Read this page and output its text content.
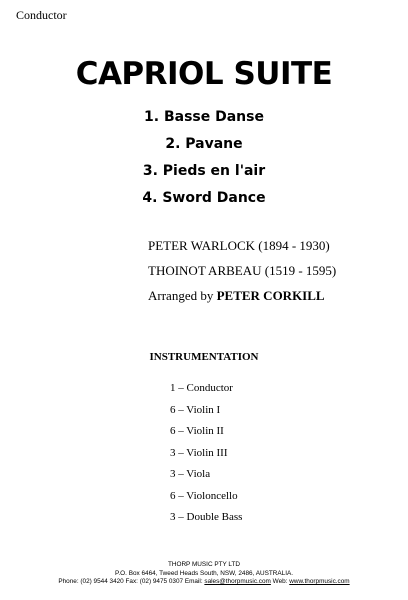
Conductor
CAPRIOL SUITE
1. Basse Danse
2. Pavane
3. Pieds en l'air
4. Sword Dance
PETER WARLOCK (1894 - 1930)
THOINOT ARBEAU (1519 - 1595)
Arranged by PETER CORKILL
INSTRUMENTATION
1 – Conductor
6 – Violin I
6 – Violin II
3 – Violin III
3 – Viola
6 – Violoncello
3 – Double Bass
THORP MUSIC PTY LTD
P.O. Box 6464, Tweed Heads South, NSW, 2486, AUSTRALIA.
Phone: (02) 9544 3420 Fax: (02) 9475 0307 Email: sales@thorpmusic.com Web: www.thorpmusic.com
